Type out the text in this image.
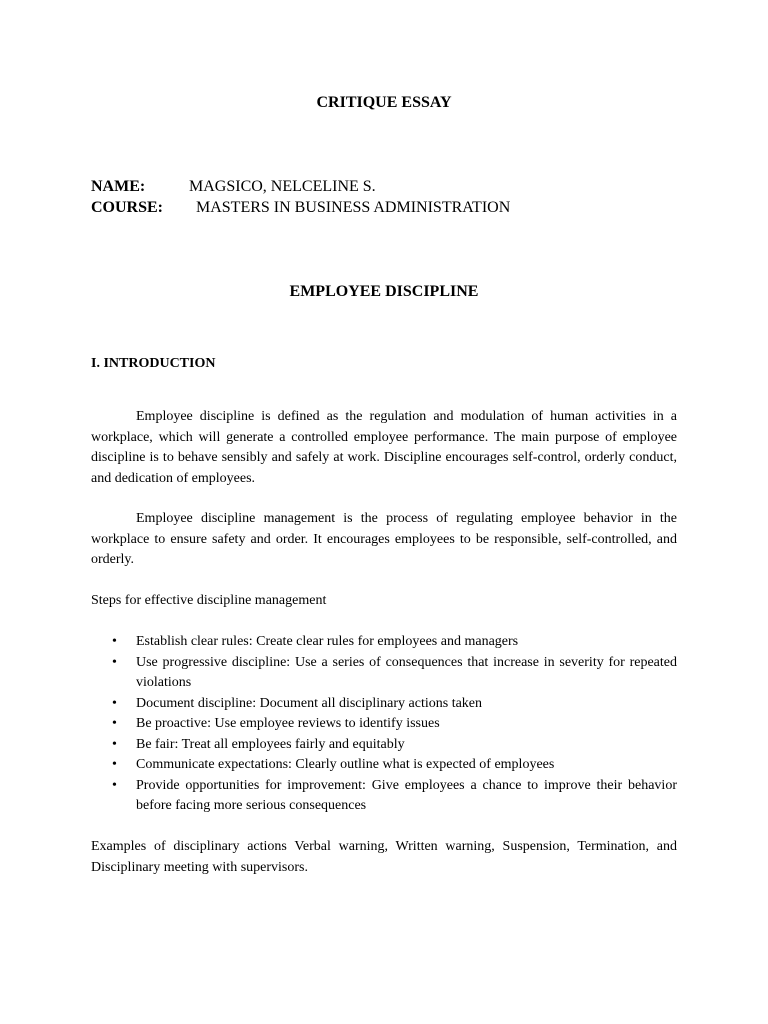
CRITIQUE ESSAY
NAME:	MAGSICO, NELCELINE S.
COURSE: MASTERS IN BUSINESS ADMINISTRATION
EMPLOYEE DISCIPLINE
I. INTRODUCTION

Employee discipline is defined as the regulation and modulation of human activities in a workplace, which will generate a controlled employee performance. The main purpose of employee discipline is to behave sensibly and safely at work. Discipline encourages self-control, orderly conduct, and dedication of employees.

Employee discipline management is the process of regulating employee behavior in the workplace to ensure safety and order. It encourages employees to be responsible, self-controlled, and orderly.

Steps for effective discipline management

• Establish clear rules: Create clear rules for employees and managers
• Use progressive discipline: Use a series of consequences that increase in severity for repeated violations
• Document discipline: Document all disciplinary actions taken
• Be proactive: Use employee reviews to identify issues
• Be fair: Treat all employees fairly and equitably
• Communicate expectations: Clearly outline what is expected of employees
• Provide opportunities for improvement: Give employees a chance to improve their behavior before facing more serious consequences

Examples of disciplinary actions Verbal warning, Written warning, Suspension, Termination, and Disciplinary meeting with supervisors.
